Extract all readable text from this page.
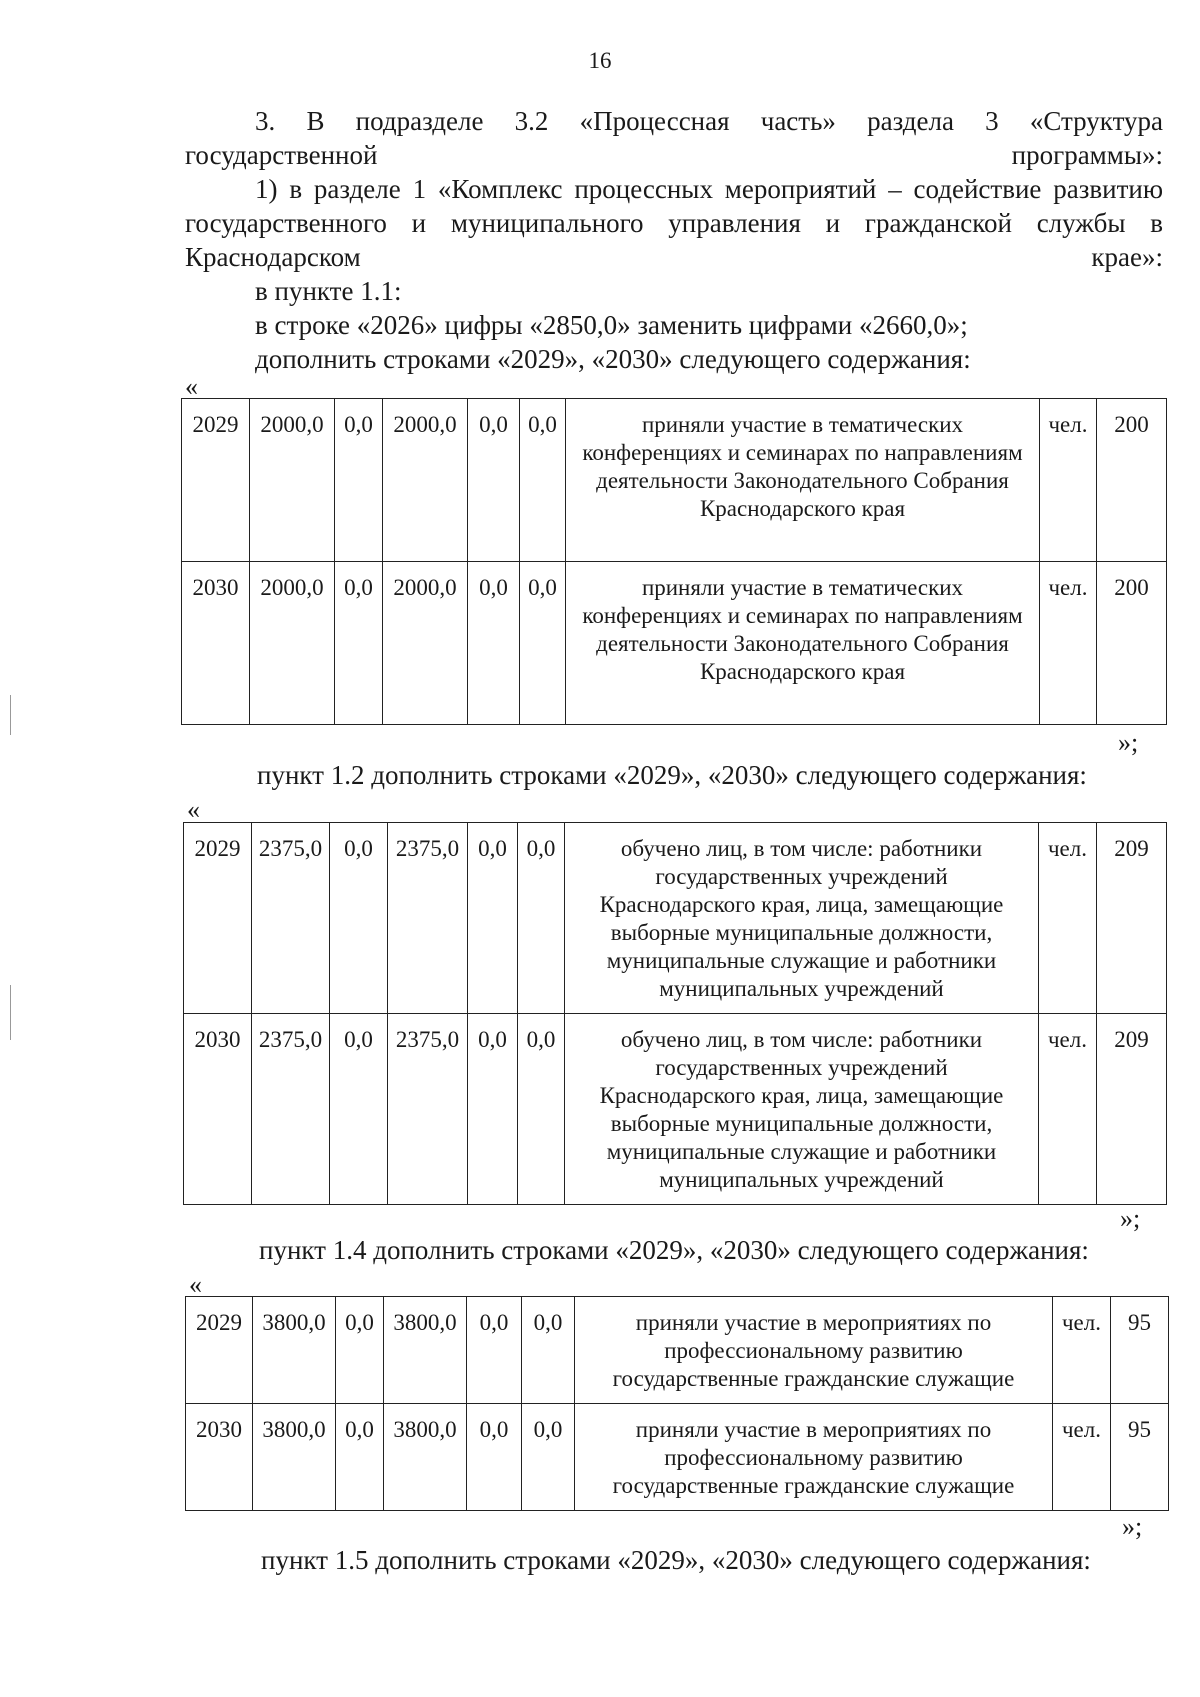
16
3. В подразделе 3.2 «Процессная часть» раздела 3 «Структура государственной программы»:
1) в разделе 1 «Комплекс процессных мероприятий – содействие развитию государственного и муниципального управления и гражданской службы в Краснодарском крае»:
в пункте 1.1:
в строке «2026» цифры «2850,0» заменить цифрами «2660,0»;
дополнить строками «2029», «2030» следующего содержания:
«
2029	2000,0	0,0	2000,0	0,0	0,0	приняли участие в тематических конференциях и семинарах по направлениям деятельности Законодательного Собрания Краснодарского края	чел.	200
2030	2000,0	0,0	2000,0	0,0	0,0	приняли участие в тематических конференциях и семинарах по направлениям деятельности Законодательного Собрания Краснодарского края	чел.	200
»;
пункт 1.2 дополнить строками «2029», «2030» следующего содержания:
«
2029	2375,0	0,0	2375,0	0,0	0,0	обучено лиц, в том числе: работники государственных учреждений Краснодарского края, лица, замещающие выборные муниципальные должности, муниципальные служащие и работники муниципальных учреждений	чел.	209
2030	2375,0	0,0	2375,0	0,0	0,0	обучено лиц, в том числе: работники государственных учреждений Краснодарского края, лица, замещающие выборные муниципальные должности, муниципальные служащие и работники муниципальных учреждений	чел.	209
»;
пункт 1.4 дополнить строками «2029», «2030» следующего содержания:
«
2029	3800,0	0,0	3800,0	0,0	0,0	приняли участие в мероприятиях по профессиональному развитию государственные гражданские служащие	чел.	95
2030	3800,0	0,0	3800,0	0,0	0,0	приняли участие в мероприятиях по профессиональному развитию государственные гражданские служащие	чел.	95
»;
пункт 1.5 дополнить строками «2029», «2030» следующего содержания:
